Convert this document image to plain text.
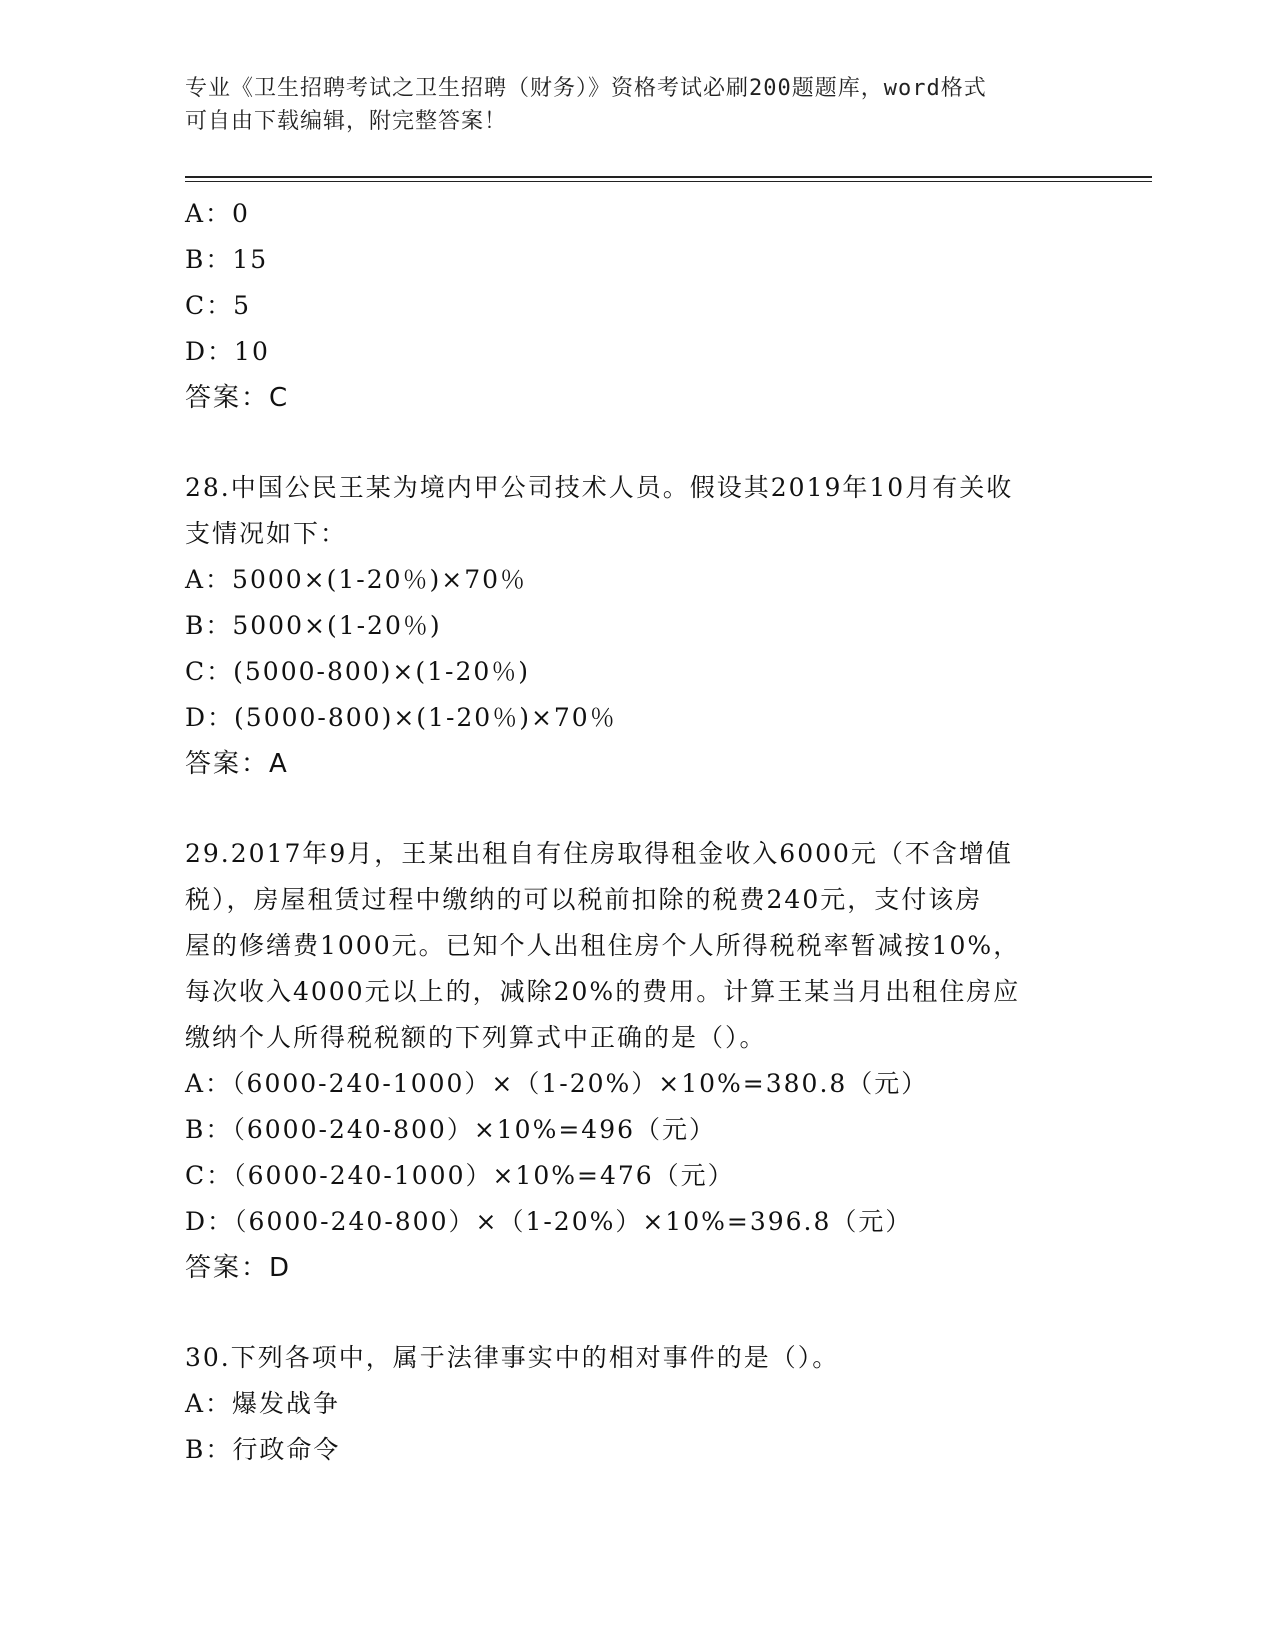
专业《卫生招聘考试之卫生招聘（财务）》资格考试必刷200题题库，word格式
可自由下载编辑，附完整答案！
A：0
B：15
C：5
D：10
答案：C
28.中国公民王某为境内甲公司技术人员。假设其2019年10月有关收
支情况如下：
A：5000×(1-20％)×70％
B：5000×(1-20％)
C：(5000-800)×(1-20％)
D：(5000-800)×(1-20％)×70％
答案：A
29.2017年9月，王某出租自有住房取得租金收入6000元（不含增值
税），房屋租赁过程中缴纳的可以税前扣除的税费240元，支付该房
屋的修缮费1000元。已知个人出租住房个人所得税税率暂减按10%，
每次收入4000元以上的，减除20%的费用。计算王某当月出租住房应
缴纳个人所得税税额的下列算式中正确的是（）。
A：（6000-240-1000）×（1-20%）×10%=380.8（元）
B：（6000-240-800）×10%=496（元）
C：（6000-240-1000）×10%=476（元）
D：（6000-240-800）×（1-20%）×10%=396.8（元）
答案：D
30.下列各项中，属于法律事实中的相对事件的是（）。
A：爆发战争
B：行政命令
